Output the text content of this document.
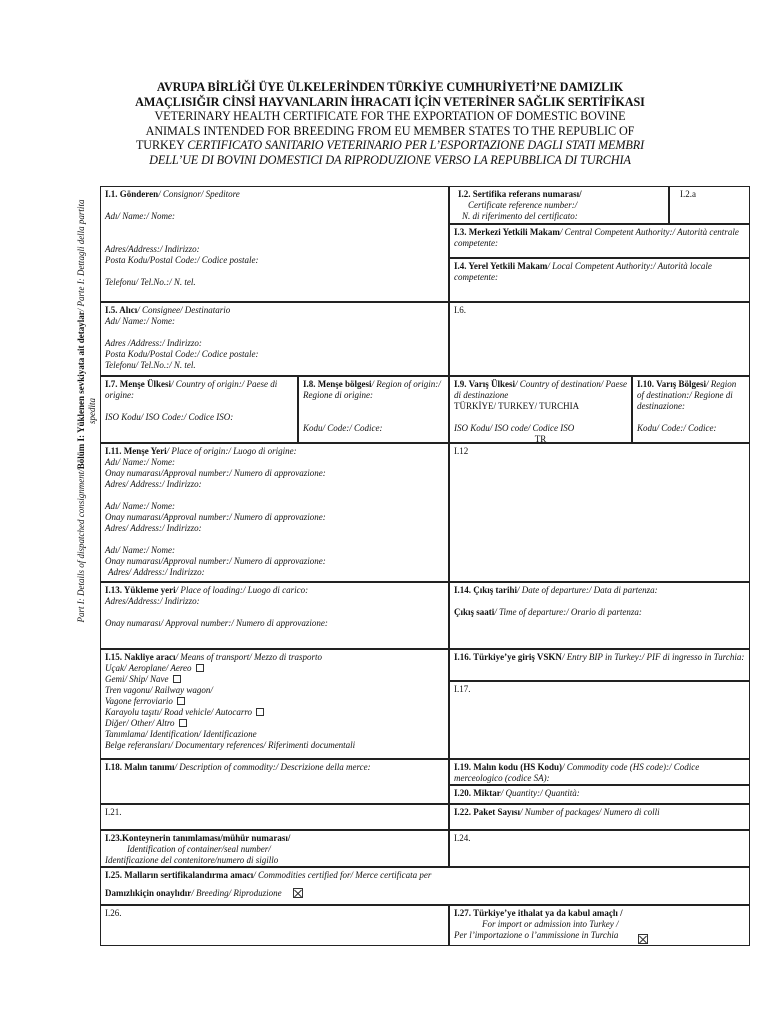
AVRUPA BİRLİĞİ ÜYE ÜLKELERİNDEN TÜRKİYE CUMHURİYETİ’NE DAMIZLIK
AMAÇLISIĞIR CİNSİ HAYVANLARIN İHRACATI İÇİN VETERİNER SAĞLIK SERTİFİKASI
VETERINARY HEALTH CERTIFICATE FOR THE EXPORTATION OF DOMESTIC BOVINE
ANIMALS INTENDED FOR BREEDING FROM EU MEMBER STATES TO THE REPUBLIC OF
TURKEY CERTIFICATO SANITARIO VETERINARIO PER L’ESPORTAZIONE DAGLI STATI MEMBRI
DELL’UE DI BOVINI DOMESTICI DA RIPRODUZIONE VERSO LA REPUBBLICA DI TURCHIA
Part I: Details of dispatched consignment/Bölüm I: Yüklenen sevkiyata ait detaylar/ Parte I: Dettagli della partita spedita
I.1. Gönderen/ Consignor/ Speditore
Adı/ Name:/ Nome:
Adres/Address:/ Indirizzo:
Posta Kodu/Postal Code:/ Codice postale:
Telefonu/ Tel.No.:/ N. tel.
I.2. Sertifika referans numarası/
Certificate reference number:/
N. di riferimento del certificato:
I.2.a
I.3. Merkezi Yetkili Makam/ Central Competent Authority:/ Autorità centrale competente:
I.4. Yerel Yetkili Makam/ Local Competent Authority:/ Autorità locale competente:
I.5. Alıcı/ Consignee/ Destinatario
Adı/ Name:/ Nome:
Adres /Address:/ Indirizzo:
Posta Kodu/Postal Code:/ Codice postale:
Telefonu/ Tel.No.:/ N. tel.
I.6.
I.7. Menşe Ülkesi/ Country of origin:/ Paese di origine:
ISO Kodu/ ISO Code:/ Codice ISO:
I.8. Menşe bölgesi/ Region of origin:/ Regione di origine:
Kodu/ Code:/ Codice:
I.9. Varış Ülkesi/ Country of destination/ Paese di destinazione
TÜRKİYE/ TURKEY/ TURCHIA
ISO Kodu/ ISO code/ Codice ISO
TR
I.10. Varış Bölgesi/ Region of destination:/ Regione di destinazione:
Kodu/ Code:/ Codice:
I.11. Menşe Yeri/ Place of origin:/ Luogo di origine:
Adı/ Name:/ Nome:
Onay numarası/Approval number:/ Numero di approvazione:
Adres/ Address:/ Indirizzo:
Adı/ Name:/ Nome:
Onay numarası/Approval number:/ Numero di approvazione:
Adres/ Address:/ Indirizzo:
Adı/ Name:/ Nome:
Onay numarası/Approval number:/ Numero di approvazione:
Adres/ Address:/ Indirizzo:
I.12
I.13. Yükleme yeri/ Place of loading:/ Luogo di carico:
Adres/Address:/ Indirizzo:
Onay numarası/ Approval number:/ Numero di approvazione:
I.14. Çıkış tarihi/ Date of departure:/ Data di partenza:
Çıkış saati/ Time of departure:/ Orario di partenza:
I.15. Nakliye aracı/ Means of transport/ Mezzo di trasporto
Uçak/ Aeroplane/ Aereo
Gemi/ Ship/ Nave
Tren vagonu/ Railway wagon/
Vagone ferroviario
Karayolu taşıtı/ Road vehicle/ Autocarro
Diğer/ Other/ Altro
Tanımlama/ Identification/ Identificazione
Belge referansları/ Documentary references/ Riferimenti documentali
I.16. Türkiye’ye giriş VSKN/ Entry BIP in Turkey:/ PIF di ingresso in Turchia:
I.17.
I.18. Malın tanımı/ Description of commodity:/ Descrizione della merce:	I.19. Malın kodu (HS Kodu)/ Commodity code (HS code):/ Codice merceologico (codice SA):
I.20. Miktar/ Quantity:/ Quantità:
I.21.	I.22. Paket Sayısı/ Number of packages/ Numero di colli
I.23.Konteynerin tanımlaması/mühür numarası/
Identification of container/seal number/
Identificazione del contenitore/numero di sigillo
I.24.
I.25. Malların sertifikalandırma amacı/ Commodities certified for/ Merce certificata per
Damızlıkiçin onaylıdır/ Breeding/ Riproduzione
I.26.	I.27. Türkiye’ye ithalat ya da kabul amaçlı /
For import or admission into Turkey /
Per l’importazione o l’ammissione in Turchia
